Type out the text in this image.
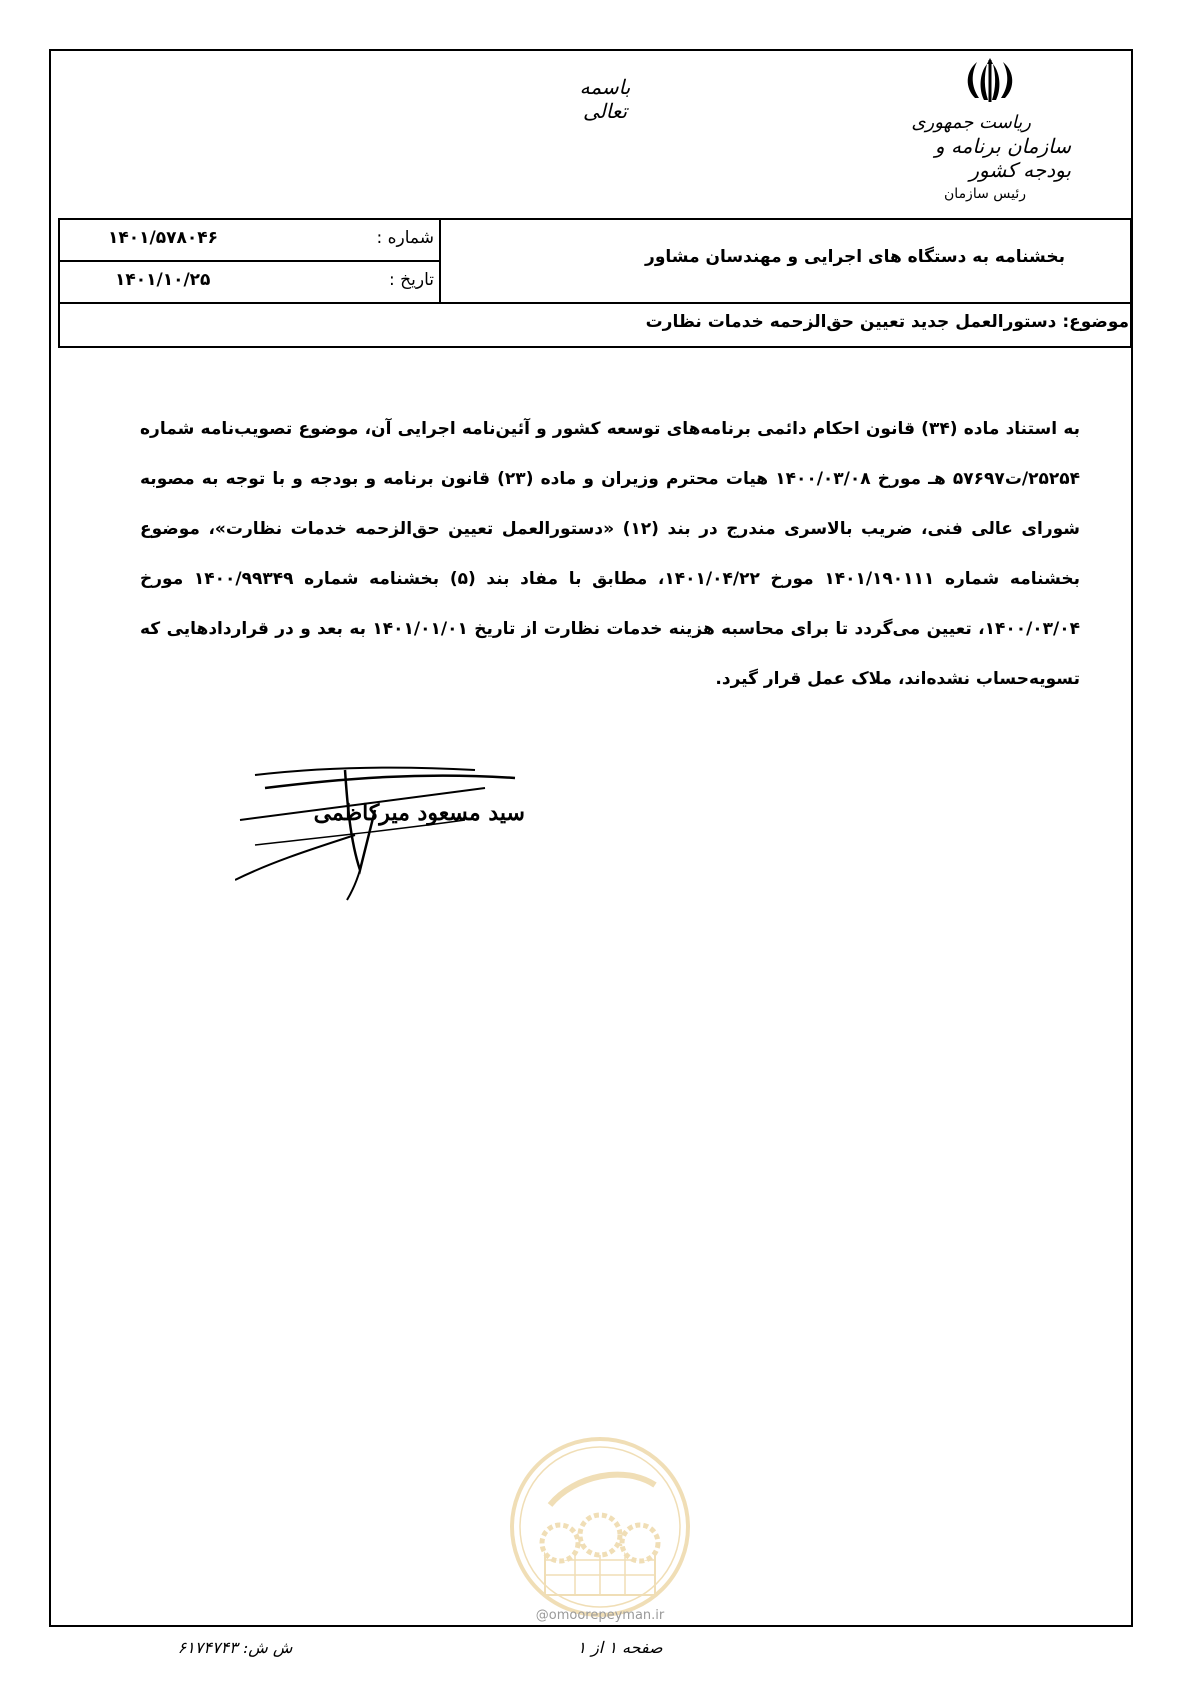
باسمه تعالی	ریاست جمهوری
سازمان برنامه و بودجه کشور
رئیس سازمان
بخشنامه به دستگاه های اجرایی و مهندسان مشاور
شماره :
۱۴۰۱/۵۷۸۰۴۶
تاریخ :
۱۴۰۱/۱۰/۲۵
موضوع: دستورالعمل جدید تعیین حق‌الزحمه خدمات نظارت
به استناد ماده (۳۴) قانون احکام دائمی برنامه‌های توسعه کشور و آئین‌نامه اجرایی آن، موضوع تصویب‌نامه شماره ۲۵۲۵۴/ت۵۷۶۹۷ هـ مورخ ۱۴۰۰/۰۳/۰۸ هیات محترم وزیران و ماده (۲۳) قانون برنامه و بودجه و با توجه به مصوبه شورای عالی فنی، ضریب بالاسری مندرج در بند (۱۲) «دستورالعمل تعیین حق‌الزحمه خدمات نظارت»، موضوع بخشنامه شماره ۱۴۰۱/۱۹۰۱۱۱ مورخ ۱۴۰۱/۰۴/۲۲، مطابق با مفاد بند (۵) بخشنامه شماره ۱۴۰۰/۹۹۳۴۹ مورخ ۱۴۰۰/۰۳/۰۴، تعیین می‌گردد تا برای محاسبه هزینه خدمات نظارت از تاریخ ۱۴۰۱/۰۱/۰۱ به بعد و در قراردادهایی که تسویه‌حساب نشده‌اند، ملاک عمل قرار گیرد.
سید مسعود میرکاظمی
@omoorepeyman.ir
صفحه ۱ از ۱
ش ش: ۶۱۷۴۷۴۳
